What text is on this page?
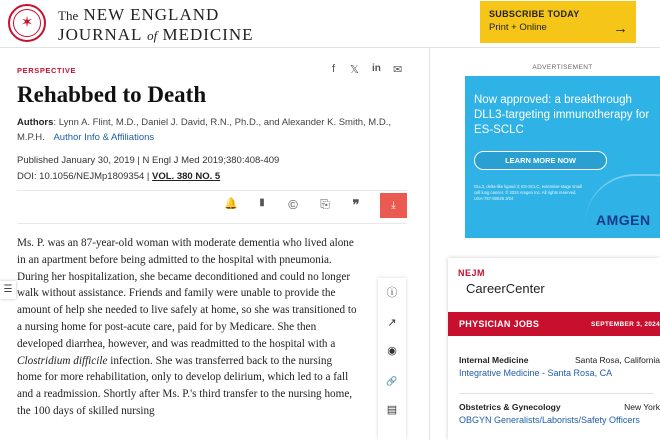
✶
The NEW ENGLAND
JOURNAL of MEDICINE
SUBSCRIBE TODAY
Print + Online	→
PERSPECTIVE	f 𝕏 in ✉
Rehabbed to Death
Authors: Lynn A. Flint, M.D., Daniel J. David, R.N., Ph.D., and Alexander K. Smith, M.D., M.P.H. Author Info & Affiliations
Published January 30, 2019 | N Engl J Med 2019;380:408-409
DOI: 10.1056/NEJMp1809354 | VOL. 380 NO. 5
🔔	▮	©	⎘	❞	⤓
☰

Ms. P. was an 87-year-old woman with moderate dementia who lived alone in an apartment before being admitted to the hospital with pneumonia. During her hospitalization, she became deconditioned and could no longer walk without assistance. Friends and family were unable to provide the amount of help she needed to live safely at home, so she was transitioned to a nursing home for post-acute care, paid for by Medicare. She then developed diarrhea, however, and was readmitted to the hospital with a Clostridium difficile infection. She was transferred back to the nursing home for more rehabilitation, only to develop delirium, which led to a fall and a readmission. Shortly after Ms. P.'s third transfer to the nursing home, the 100 days of skilled nursing

ⓘ
↗
◉
🔗
▤
ADVERTISEMENT
Now approved: a breakthrough DLL3-targeting immunotherapy for ES-SCLC
LEARN MORE NOW
DLL3, delta-like ligand 3; ES-SCLC, extensive-stage small cell lung cancer. © 2024 Amgen Inc. All rights reserved. USA-757-80025 3/24
AMGEN
NEJM
CareerCenter
PHYSICIAN JOBS	SEPTEMBER 3, 2024
Internal Medicine	Santa Rosa, California
Integrative Medicine - Santa Rosa, CA
Obstetrics & Gynecology	New York
OBGYN Generalists/Laborists/Safety Officers
